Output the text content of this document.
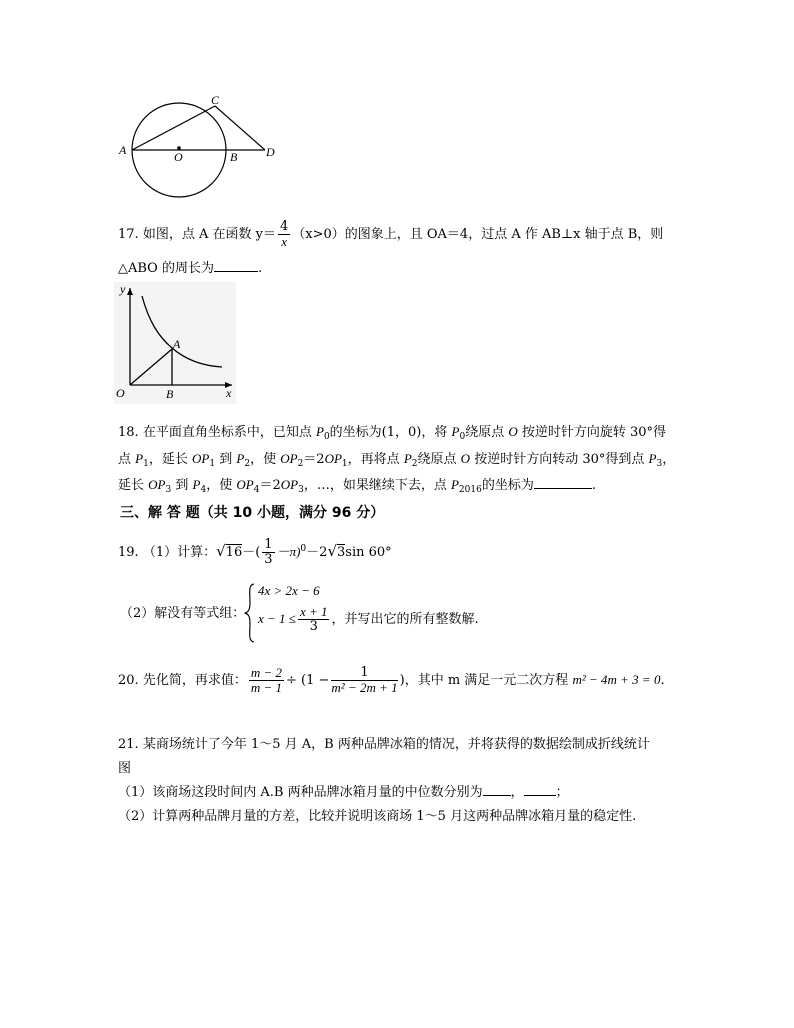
A	O	B
C
D
17. 如图，点 A 在函数 $y= \frac{4}{x} (x>0)$的图象上，且 OA＝4，过点 A 作 AB⊥x 轴于点 B，则
△ABO 的周长为	.
y
x
O
A
B
18. 在平面直角坐标系中，已知点 $P_0$的坐标为(1，0)，将 $P_0$绕原点 O 按逆时针方向旋转 30°得
点 $P_1$，延长 $OP_1$ 到 $P_2$，使 $OP_2=2OP_1$，再将点 $P_2$绕原点 O 按逆时针方向转动 30°得到点 $P_3$，
延长 $OP_3$ 到 $P_4$，使 $OP_4=2OP_3$，…，如果继续下去，点 $P_{2016}$的坐标为	.
三、解 答 题（共 10 小题，满分 96 分）
19. （1）计算：$√16-( \frac{1}{3} -\pi)^0-2√3\sin$ 60°
（2）解没有等式组：
4x > 2x − 6
$x - 1 \le \frac{x + 1}{3}$ ，并写出它的所有整数解.
20. 先化简，再求值： $\frac{m - 2}{m - 1} \div (1 - \frac{1}{\text{m² − 2m + 1}}$ )，其中 m 满足一元二次方程 m² − 4m + 3 = 0.
21. 某商场统计了今年 1～5 月 A，B 两种品牌冰箱的情况，并将获得的数据绘制成折线统计
图
（1）该商场这段时间内 A.B 两种品牌冰箱月量的中位数分别为 ， ；
（2）计算两种品牌月量的方差，比较并说明该商场 1～5 月这两种品牌冰箱月量的稳定性.
